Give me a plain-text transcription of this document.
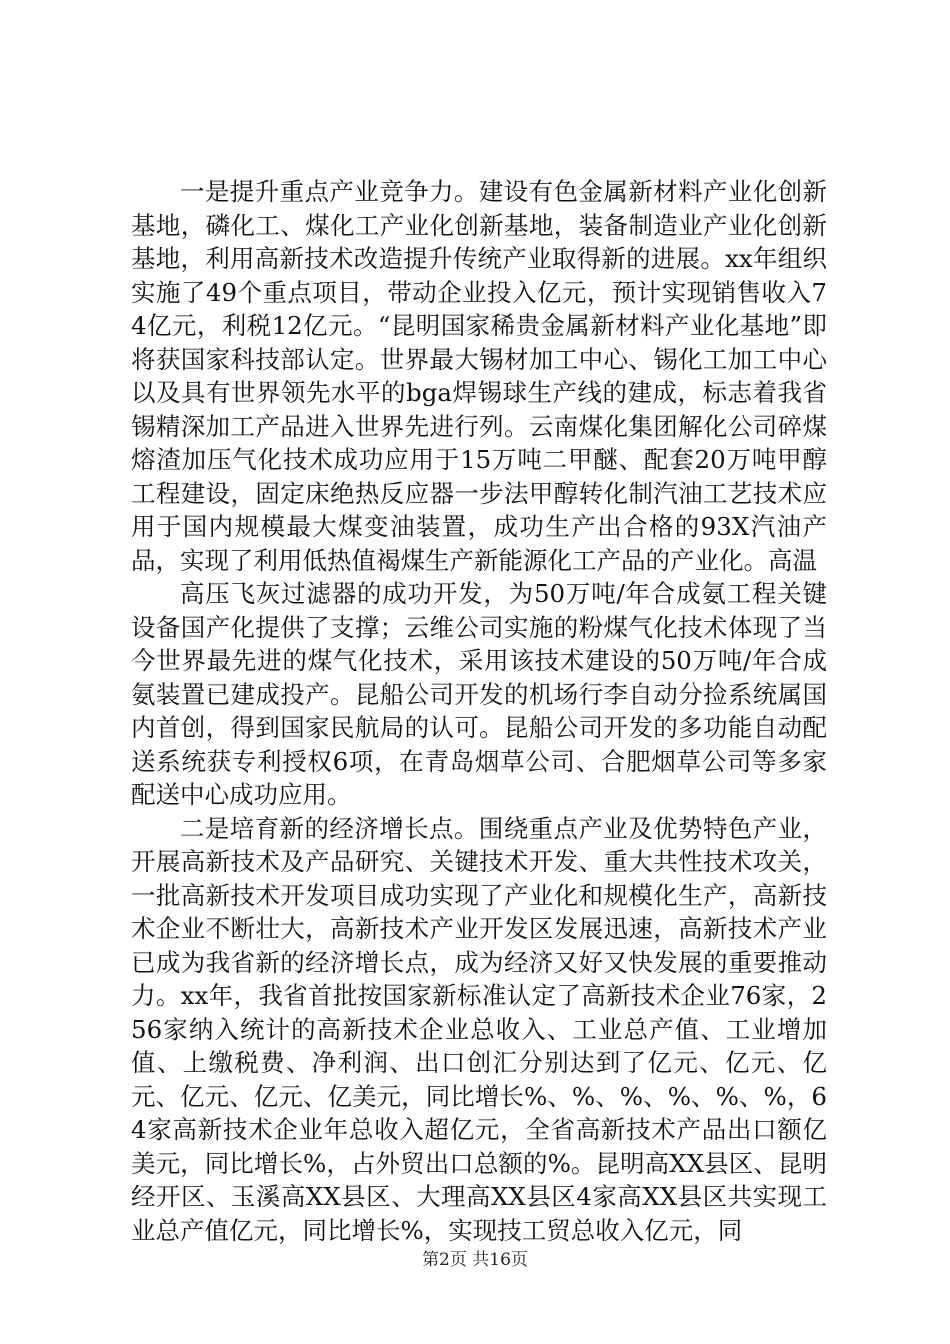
一是提升重点产业竞争力。建设有色金属新材料产业化创新基地，磷化工、煤化工产业化创新基地，装备制造业产业化创新基地，利用高新技术改造提升传统产业取得新的进展。xx年组织实施了49个重点项目，带动企业投入亿元，预计实现销售收入74亿元，利税12亿元。“昆明国家稀贵金属新材料产业化基地”即将获国家科技部认定。世界最大锡材加工中心、锡化工加工中心以及具有世界领先水平的bga焊锡球生产线的建成，标志着我省锡精深加工产品进入世界先进行列。云南煤化集团解化公司碎煤熔渣加压气化技术成功应用于15万吨二甲醚、配套20万吨甲醇工程建设，固定床绝热反应器一步法甲醇转化制汽油工艺技术应用于国内规模最大煤变油装置，成功生产出合格的93X汽油产品，实现了利用低热值褐煤生产新能源化工产品的产业化。高温

高压飞灰过滤器的成功开发，为50万吨/年合成氨工程关键设备国产化提供了支撑；云维公司实施的粉煤气化技术体现了当今世界最先进的煤气化技术，采用该技术建设的50万吨/年合成氨装置已建成投产。昆船公司开发的机场行李自动分捡系统属国内首创，得到国家民航局的认可。昆船公司开发的多功能自动配送系统获专利授权6项，在青岛烟草公司、合肥烟草公司等多家配送中心成功应用。

二是培育新的经济增长点。围绕重点产业及优势特色产业，开展高新技术及产品研究、关键技术开发、重大共性技术攻关，一批高新技术开发项目成功实现了产业化和规模化生产，高新技术企业不断壮大，高新技术产业开发区发展迅速，高新技术产业已成为我省新的经济增长点，成为经济又好又快发展的重要推动力。xx年，我省首批按国家新标准认定了高新技术企业76家，256家纳入统计的高新技术企业总收入、工业总产值、工业增加值、上缴税费、净利润、出口创汇分别达到了亿元、亿元、亿元、亿元、亿元、亿美元，同比增长%、%、%、%、%、%，64家高新技术企业年总收入超亿元，全省高新技术产品出口额亿美元，同比增长%，占外贸出口总额的%。昆明高XX县区、昆明经开区、玉溪高XX县区、大理高XX县区4家高XX县区共实现工业总产值亿元，同比增长%，实现技工贸总收入亿元，同

第2页 共16页
